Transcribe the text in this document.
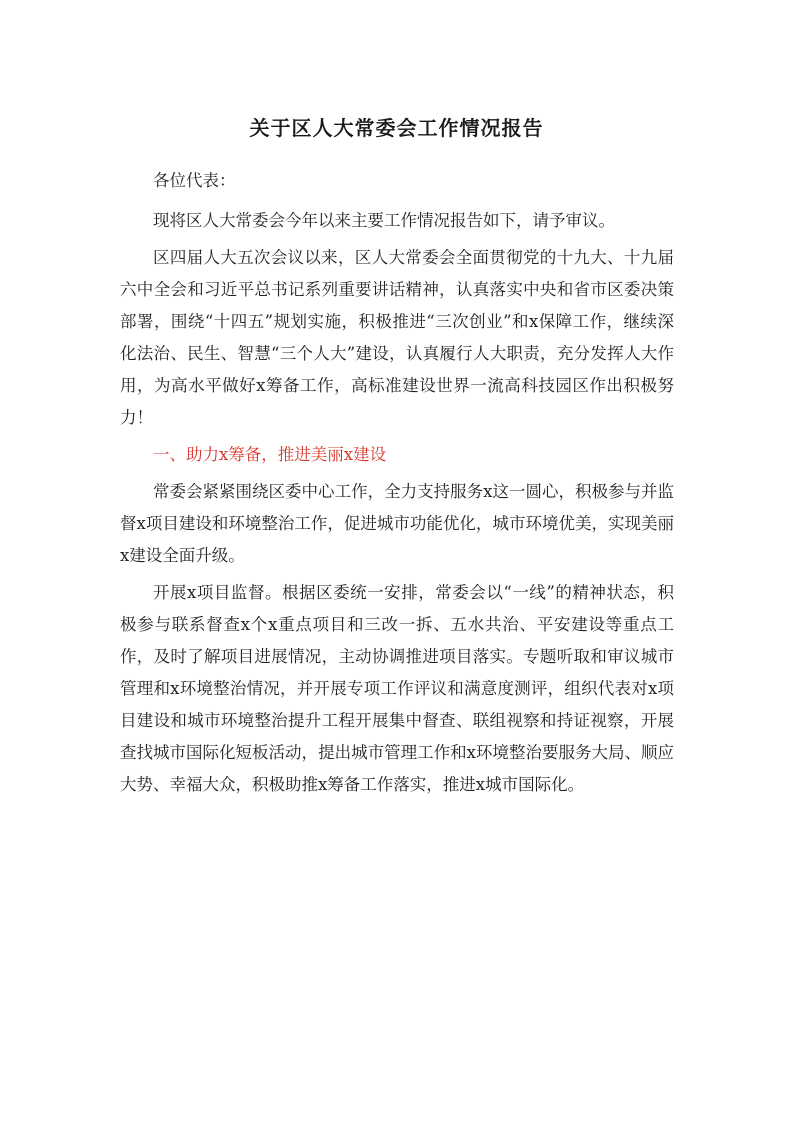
关于区人大常委会工作情况报告

各位代表：

现将区人大常委会今年以来主要工作情况报告如下，请予审议。

区四届人大五次会议以来，区人大常委会全面贯彻党的十九大、十九届六中全会和习近平总书记系列重要讲话精神，认真落实中央和省市区委决策部署，围绕“十四五”规划实施，积极推进“三次创业”和x保障工作，继续深化法治、民生、智慧“三个人大”建设，认真履行人大职责，充分发挥人大作用，为高水平做好x筹备工作，高标准建设世界一流高科技园区作出积极努力！

一、助力x筹备，推进美丽x建设

常委会紧紧围绕区委中心工作，全力支持服务x这一圆心，积极参与并监督x项目建设和环境整治工作，促进城市功能优化，城市环境优美，实现美丽x建设全面升级。

开展x项目监督。根据区委统一安排，常委会以“一线”的精神状态，积极参与联系督查x个x重点项目和三改一拆、五水共治、平安建设等重点工作，及时了解项目进展情况，主动协调推进项目落实。专题听取和审议城市管理和x环境整治情况，并开展专项工作评议和满意度测评，组织代表对x项目建设和城市环境整治提升工程开展集中督查、联组视察和持证视察，开展查找城市国际化短板活动，提出城市管理工作和x环境整治要服务大局、顺应大势、幸福大众，积极助推x筹备工作落实，推进x城市国际化。
